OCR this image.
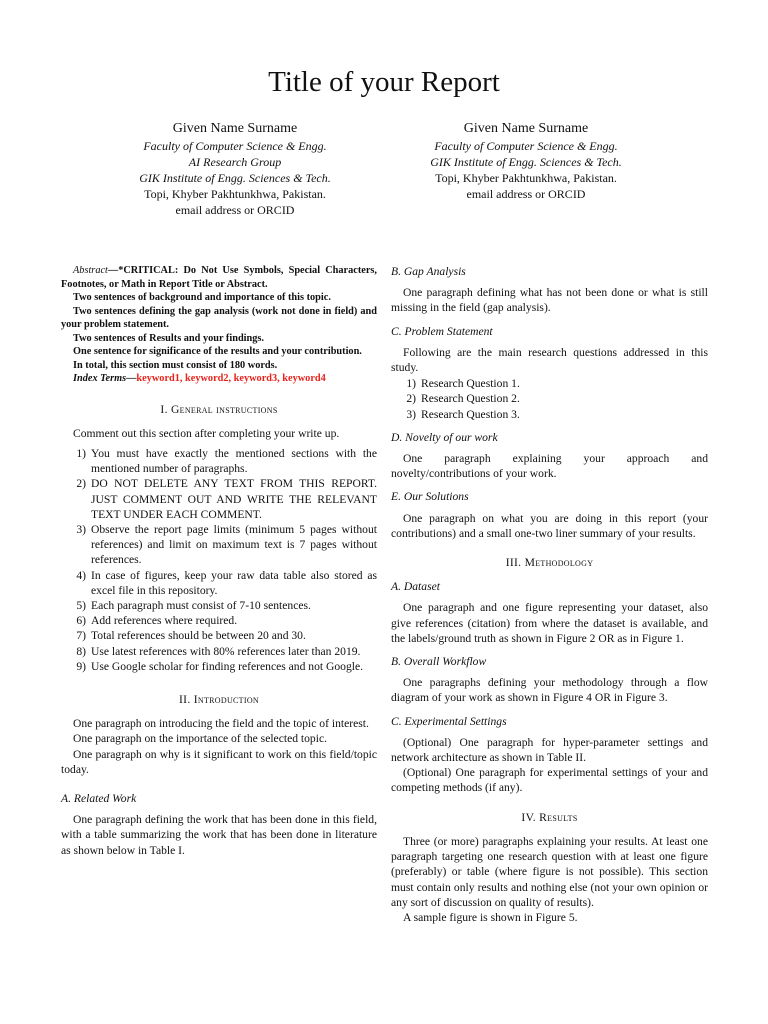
Title of your Report
Given Name Surname
Faculty of Computer Science & Engg.
AI Research Group
GIK Institute of Engg. Sciences & Tech.
Topi, Khyber Pakhtunkhwa, Pakistan.
email address or ORCID
Given Name Surname
Faculty of Computer Science & Engg.
GIK Institute of Engg. Sciences & Tech.
Topi, Khyber Pakhtunkhwa, Pakistan.
email address or ORCID

Abstract—*CRITICAL: Do Not Use Symbols, Special Characters, Footnotes, or Math in Report Title or Abstract.

Two sentences of background and importance of this topic.

Two sentences defining the gap analysis (work not done in field) and your problem statement.

Two sentences of Results and your findings.

One sentence for significance of the results and your contribution.

In total, this section must consist of 180 words.

Index Terms—keyword1, keyword2, keyword3, keyword4

I. General instructions

Comment out this section after completing your write up.

1) You must have exactly the mentioned sections with the mentioned number of paragraphs.
2) DO NOT DELETE ANY TEXT FROM THIS REPORT. JUST COMMENT OUT AND WRITE THE RELEVANT TEXT UNDER EACH COMMENT.
3) Observe the report page limits (minimum 5 pages without references) and limit on maximum text is 7 pages without references.
4) In case of figures, keep your raw data table also stored as excel file in this repository.
5) Each paragraph must consist of 7-10 sentences.
6) Add references where required.
7) Total references should be between 20 and 30.
8) Use latest references with 80% references later than 2019.
9) Use Google scholar for finding references and not Google.
II. Introduction

One paragraph on introducing the field and the topic of interest.

One paragraph on the importance of the selected topic.

One paragraph on why is it significant to work on this field/topic today.

A. Related Work

One paragraph defining the work that has been done in this field, with a table summarizing the work that has been done in literature as shown below in Table I.

B. Gap Analysis

One paragraph defining what has not been done or what is still missing in the field (gap analysis).

C. Problem Statement

Following are the main research questions addressed in this study.

1) Research Question 1.
2) Research Question 2.
3) Research Question 3.
D. Novelty of our work

One paragraph explaining your approach and novelty/contributions of your work.

E. Our Solutions

One paragraph on what you are doing in this report (your contributions) and a small one-two liner summary of your results.

III. Methodology
A. Dataset

One paragraph and one figure representing your dataset, also give references (citation) from where the dataset is available, and the labels/ground truth as shown in Figure 2 OR as in Figure 1.

B. Overall Workflow

One paragraphs defining your methodology through a flow diagram of your work as shown in Figure 4 OR in Figure 3.

C. Experimental Settings

(Optional) One paragraph for hyper-parameter settings and network architecture as shown in Table II.

(Optional) One paragraph for experimental settings of your and competing methods (if any).

IV. Results

Three (or more) paragraphs explaining your results. At least one paragraph targeting one research question with at least one figure (preferably) or table (where figure is not possible). This section must contain only results and nothing else (not your own opinion or any sort of discussion on quality of results).

A sample figure is shown in Figure 5.
